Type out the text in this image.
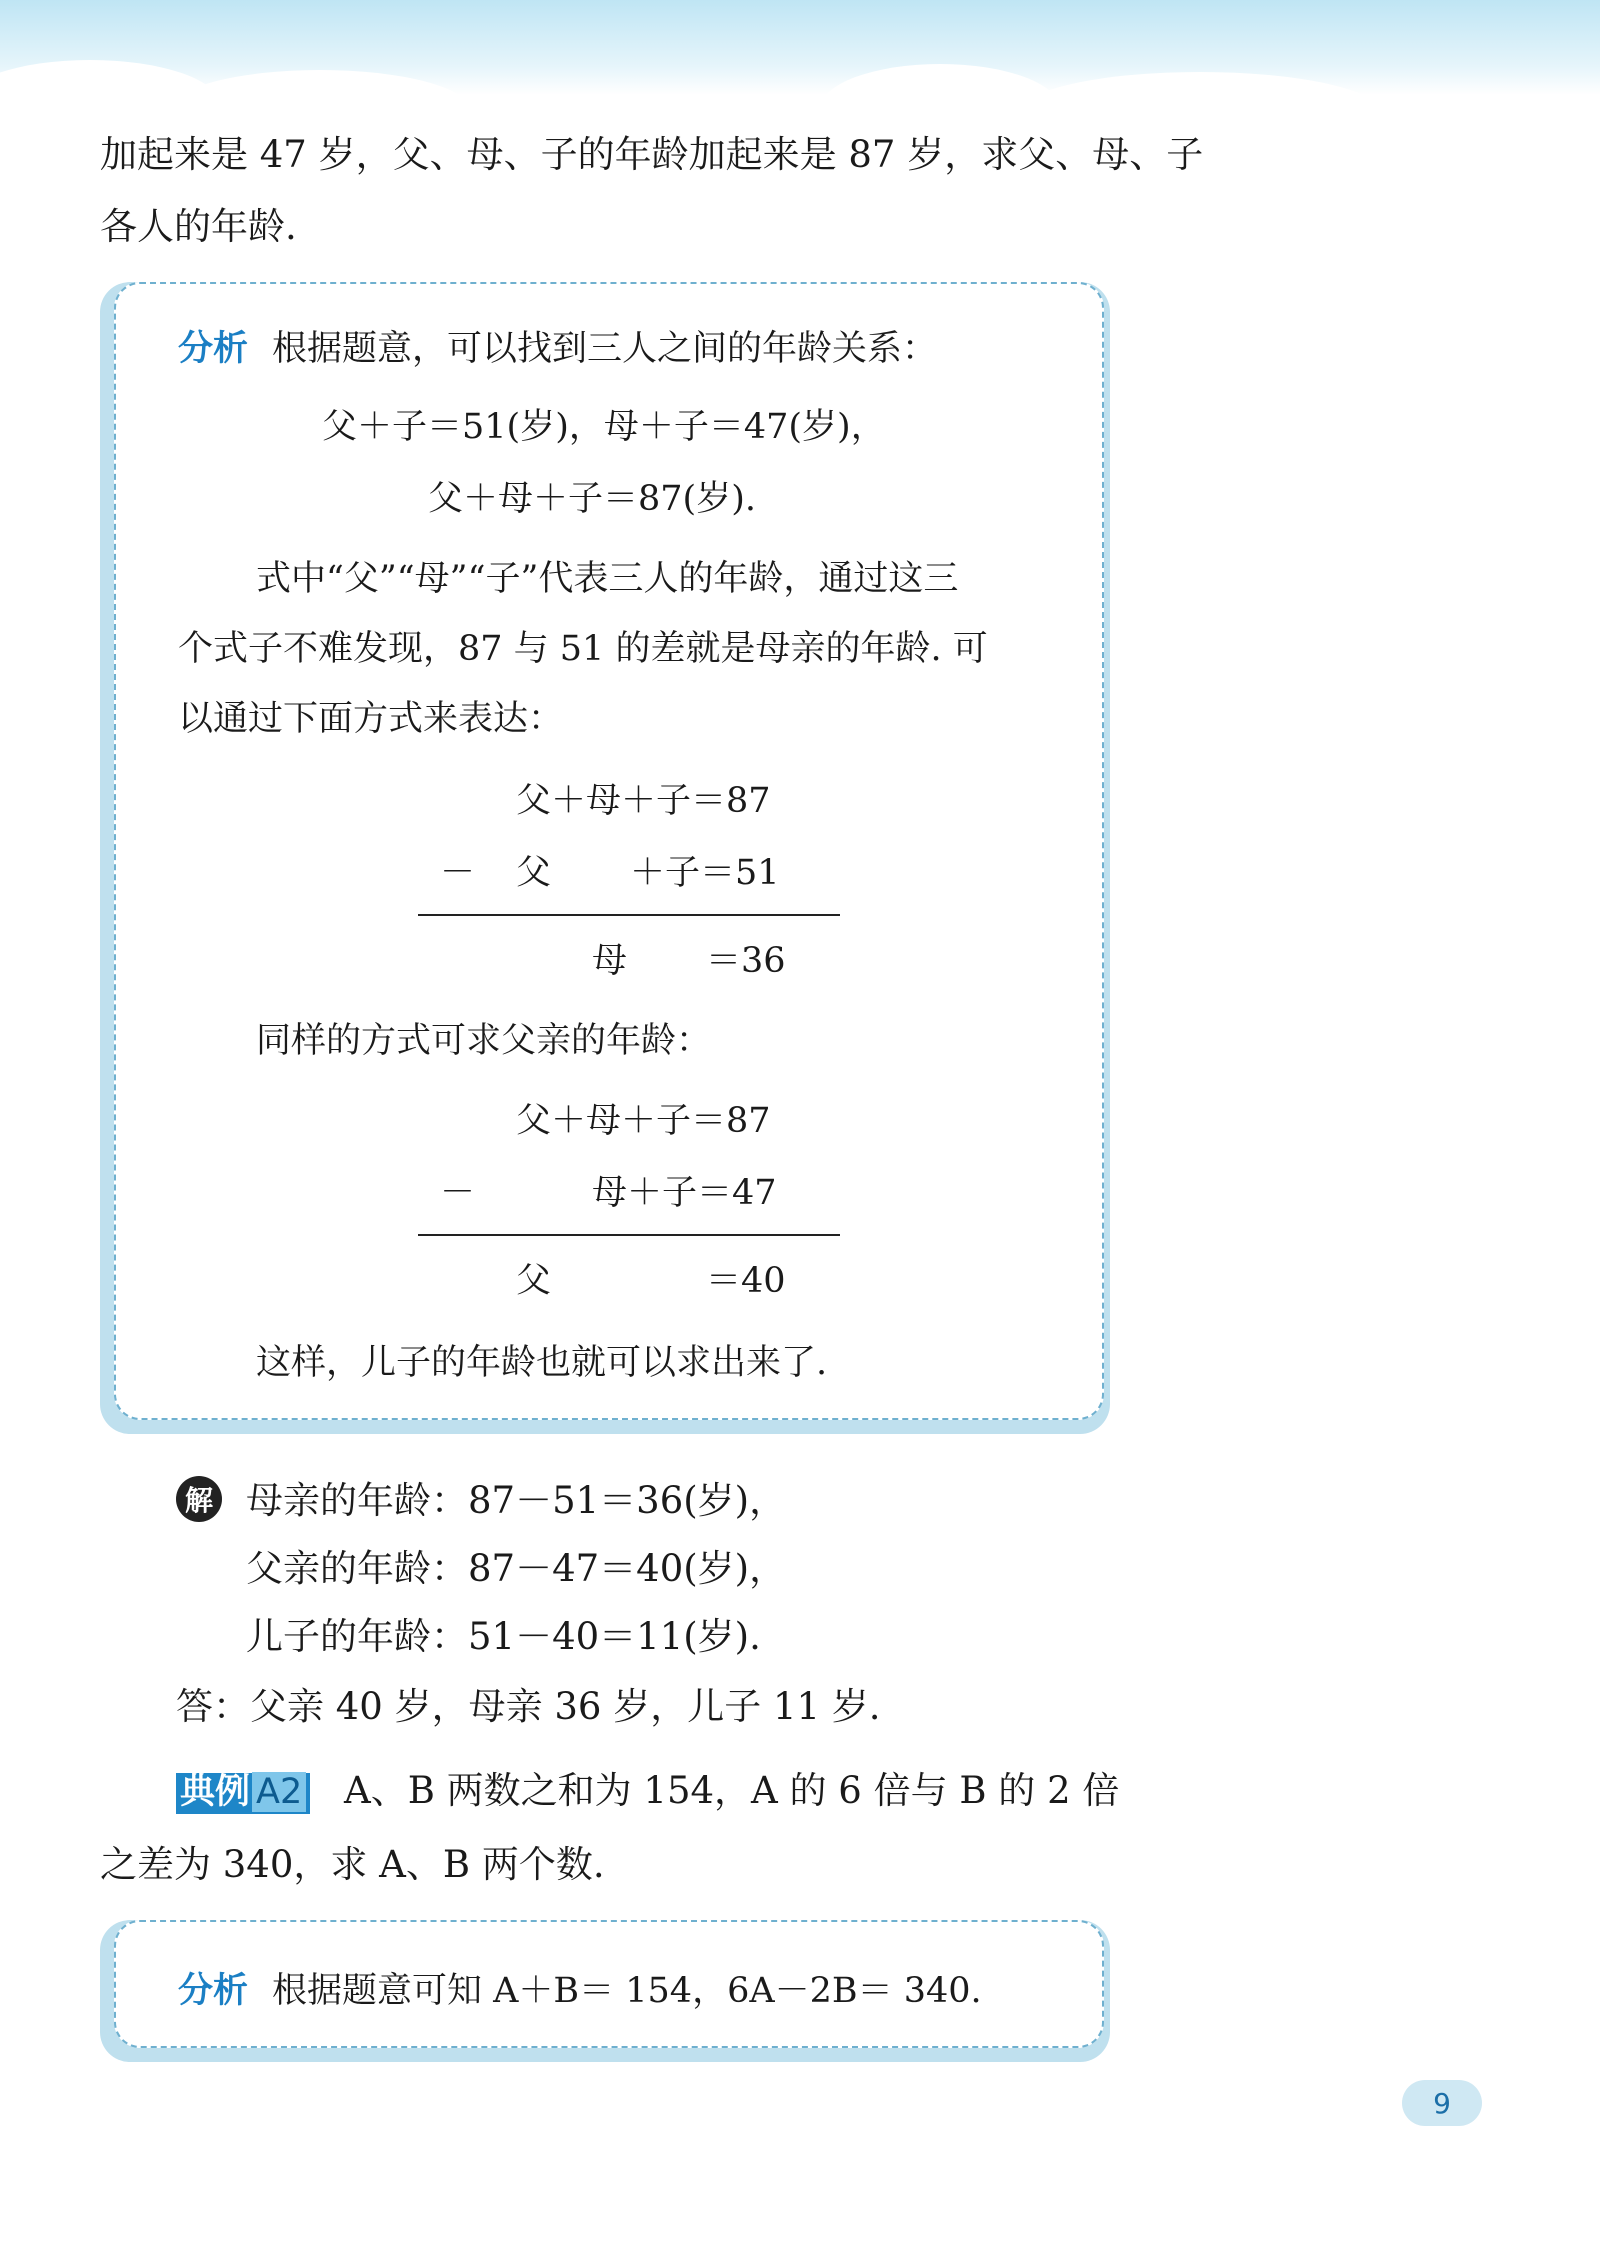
加起来是 47 岁，父、母、子的年龄加起来是 87 岁，求父、母、子
各人的年龄.
分析 根据题意，可以找到三人之间的年龄关系：
父＋子＝51(岁)，母＋子＝47(岁)，
父＋母＋子＝87(岁).
式中“父”“母”“子”代表三人的年龄，通过这三
个式子不难发现，87 与 51 的差就是母亲的年龄. 可
以通过下面方式来表达：
父＋母＋子＝87
－ 父 ＋子＝51
母 ＝36
同样的方式可求父亲的年龄：
父＋母＋子＝87
－	母＋子＝47
父	＝40
这样，儿子的年龄也就可以求出来了.
解 母亲的年龄：87－51＝36(岁)，
父亲的年龄：87－47＝40(岁)，
儿子的年龄：51－40＝11(岁).
答：父亲 40 岁，母亲 36 岁，儿子 11 岁.
典例 A2 A、B 两数之和为 154，A 的 6 倍与 B 的 2 倍
之差为 340，求 A、B 两个数.
分析 根据题意可知 A＋B＝ 154，6A－2B＝ 340.
9
